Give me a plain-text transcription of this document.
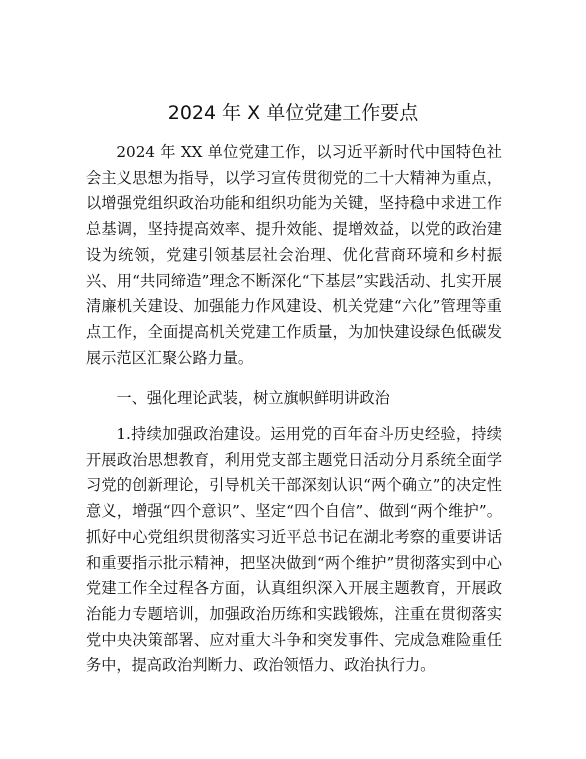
2024 年 X 单位党建工作要点

2024 年 XX 单位党建工作，以习近平新时代中国特色社会主义思想为指导，以学习宣传贯彻党的二十大精神为重点，以增强党组织政治功能和组织功能为关键，坚持稳中求进工作总基调，坚持提高效率、提升效能、提增效益，以党的政治建设为统领，党建引领基层社会治理、优化营商环境和乡村振兴、用“共同缔造”理念不断深化“下基层”实践活动、扎实开展清廉机关建设、加强能力作风建设、机关党建“六化”管理等重点工作，全面提高机关党建工作质量，为加快建设绿色低碳发展示范区汇聚公路力量。

一、强化理论武装，树立旗帜鲜明讲政治

1.持续加强政治建设。运用党的百年奋斗历史经验，持续开展政治思想教育，利用党支部主题党日活动分月系统全面学习党的创新理论，引导机关干部深刻认识“两个确立”的决定性意义，增强“四个意识”、坚定“四个自信”、做到“两个维护”。抓好中心党组织贯彻落实习近平总书记在湖北考察的重要讲话和重要指示批示精神，把坚决做到“两个维护”贯彻落实到中心党建工作全过程各方面，认真组织深入开展主题教育，开展政治能力专题培训，加强政治历练和实践锻炼，注重在贯彻落实党中央决策部署、应对重大斗争和突发事件、完成急难险重任务中，提高政治判断力、政治领悟力、政治执行力。
